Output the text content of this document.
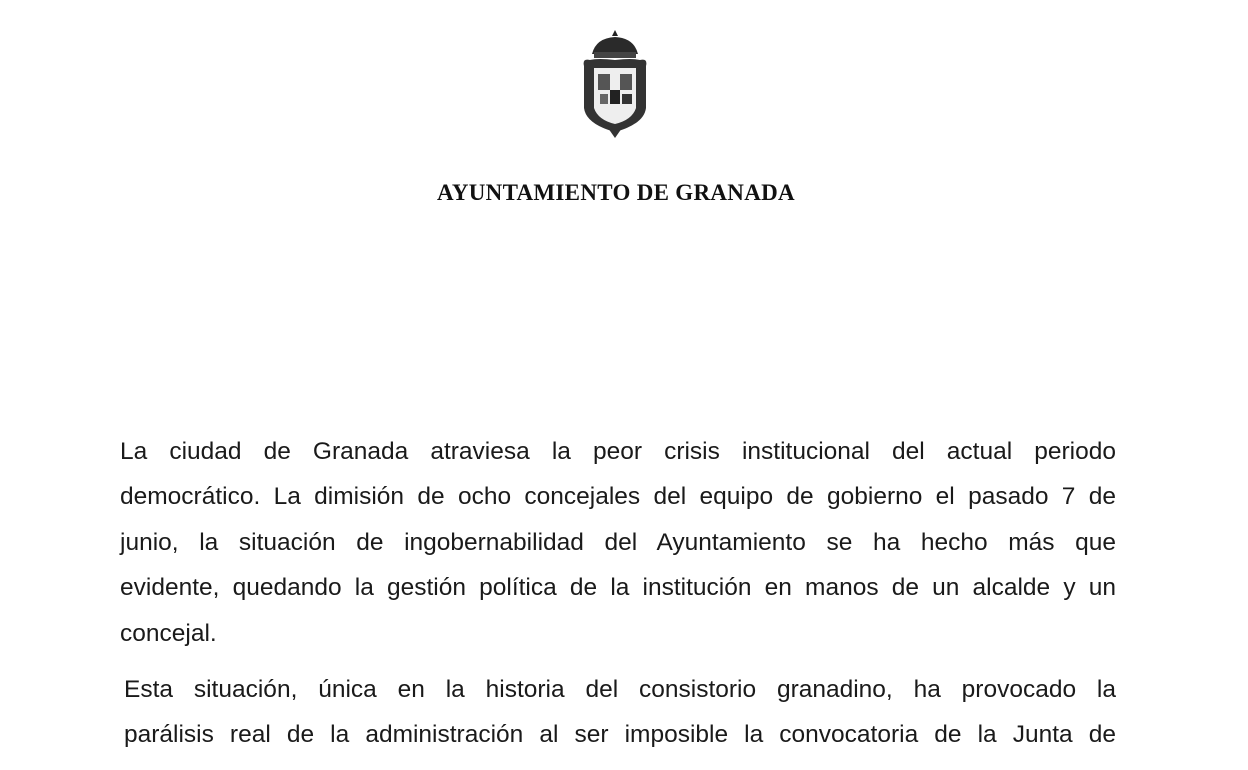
AYUNTAMIENTO DE GRANADA
La ciudad de Granada atraviesa la peor crisis institucional del actual periodo
democrático. La dimisión de ocho concejales del equipo de gobierno el pasado 7 de
junio, la situación de ingobernabilidad del Ayuntamiento se ha hecho más que
evidente, quedando la gestión política de la institución en manos de un alcalde y un
concejal.
Esta situación, única en la historia del consistorio granadino, ha provocado la
parálisis real de la administración al ser imposible la convocatoria de la Junta de
